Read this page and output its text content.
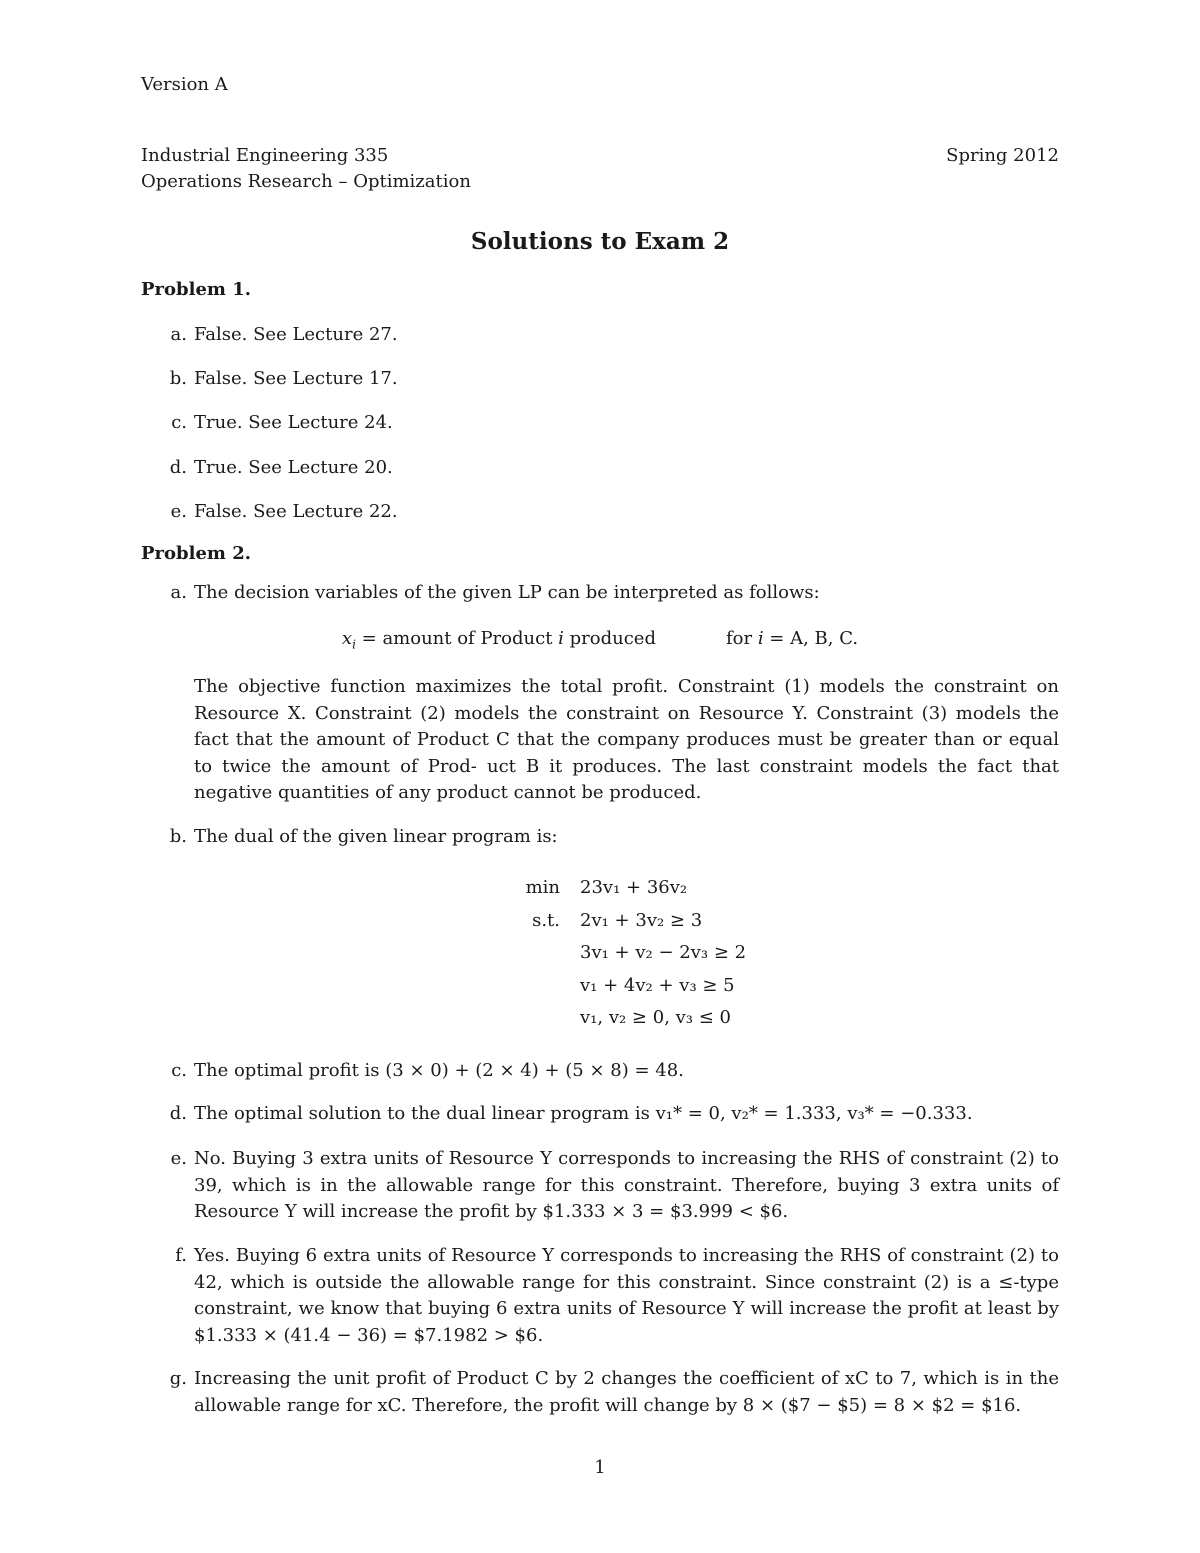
Version A
Industrial Engineering 335
Operations Research – Optimization
Spring 2012
Solutions to Exam 2
Problem 1.
a. False. See Lecture 27.
b. False. See Lecture 17.
c. True. See Lecture 24.
d. True. See Lecture 20.
e. False. See Lecture 22.
Problem 2.
a. The decision variables of the given LP can be interpreted as follows:
$x_i$ = amount of Product i produced	for i = A, B, C.
The objective function maximizes the total profit. Constraint (1) models the constraint on Resource X. Constraint (2) models the constraint on Resource Y. Constraint (3) models the fact that the amount of Product C that the company produces must be greater than or equal to twice the amount of Prod- uct B it produces. The last constraint models the fact that negative quantities of any product cannot be produced.
b. The dual of the given linear program is:
min	23v₁ + 36v₂
s.t.	2v₁ + 3v₂ ≥ 3
	3v₁ + v₂ − 2v₃ ≥ 2
	v₁ + 4v₂ + v₃ ≥ 5
	v₁, v₂ ≥ 0, v₃ ≤ 0
c. The optimal profit is (3 × 0) + (2 × 4) + (5 × 8) = 48.
d. The optimal solution to the dual linear program is v₁* = 0, v₂* = 1.333, v₃* = −0.333.
e. No. Buying 3 extra units of Resource Y corresponds to increasing the RHS of constraint (2) to 39, which is in the allowable range for this constraint. Therefore, buying 3 extra units of Resource Y will increase the profit by $1.333 × 3 = $3.999 < $6.
f. Yes. Buying 6 extra units of Resource Y corresponds to increasing the RHS of constraint (2) to 42, which is outside the allowable range for this constraint. Since constraint (2) is a ≤-type constraint, we know that buying 6 extra units of Resource Y will increase the profit at least by $1.333 × (41.4 − 36) = $7.1982 > $6.
g. Increasing the unit profit of Product C by 2 changes the coefficient of xC to 7, which is in the allowable range for xC. Therefore, the profit will change by 8 × ($7 − $5) = 8 × $2 = $16.
1
